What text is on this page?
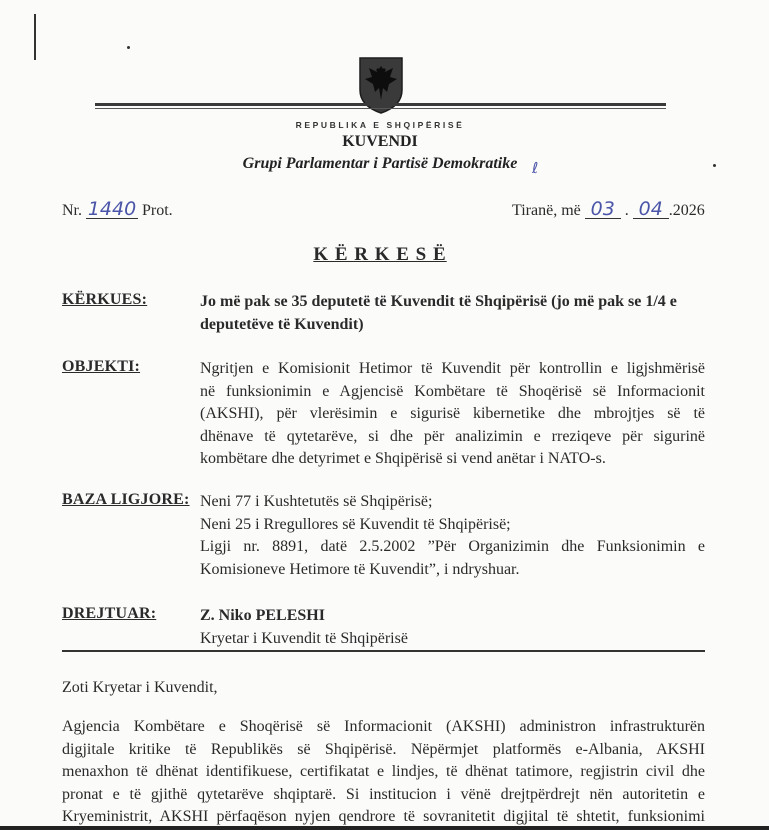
REPUBLIKA E SHQIPËRISË
KUVENDI
Grupi Parlamentar i Partisë Demokratike ℓ
Nr. 1440 Prot.	Tiranë, më 03 . 04 .2026
K Ë R K E S Ë
KËRKUES:	Jo më pak se 35 deputetë të Kuvendit të Shqipërisë (jo më pak se 1/4 e
deputetëve të Kuvendit)
OBJEKTI:	Ngritjen e Komisionit Hetimor të Kuvendit për kontrollin e ligjshmërisë
në funksionimin e Agjencisë Kombëtare të Shoqërisë së Informacionit
(AKSHI), për vlerësimin e sigurisë kibernetike dhe mbrojtjes së të
dhënave të qytetarëve, si dhe për analizimin e rreziqeve për sigurinë
kombëtare dhe detyrimet e Shqipërisë si vend anëtar i NATO-s.
BAZA LIGJORE: Neni 77 i Kushtetutës së Shqipërisë;
Neni 25 i Rregullores së Kuvendit të Shqipërisë;
Ligji nr. 8891, datë 2.5.2002 ”Për Organizimin dhe Funksionimin e
Komisioneve Hetimore të Kuvendit”, i ndryshuar.
DREJTUAR:	Z. Niko PELESHI
Kryetar i Kuvendit të Shqipërisë
Zoti Kryetar i Kuvendit,
Agjencia Kombëtare e Shoqërisë së Informacionit (AKSHI) administron infrastrukturën
digjitale kritike të Republikës së Shqipërisë. Nëpërmjet platformës e-Albania, AKSHI
menaxhon të dhënat identifikuese, certifikatat e lindjes, të dhënat tatimore, regjistrin civil dhe
pronat e të gjithë qytetarëve shqiptarë. Si institucion i vënë drejtpërdrejt nën autoritetin e
Kryeministrit, AKSHI përfaqëson nyjen qendrore të sovranitetit digjital të shtetit, funksionimi
